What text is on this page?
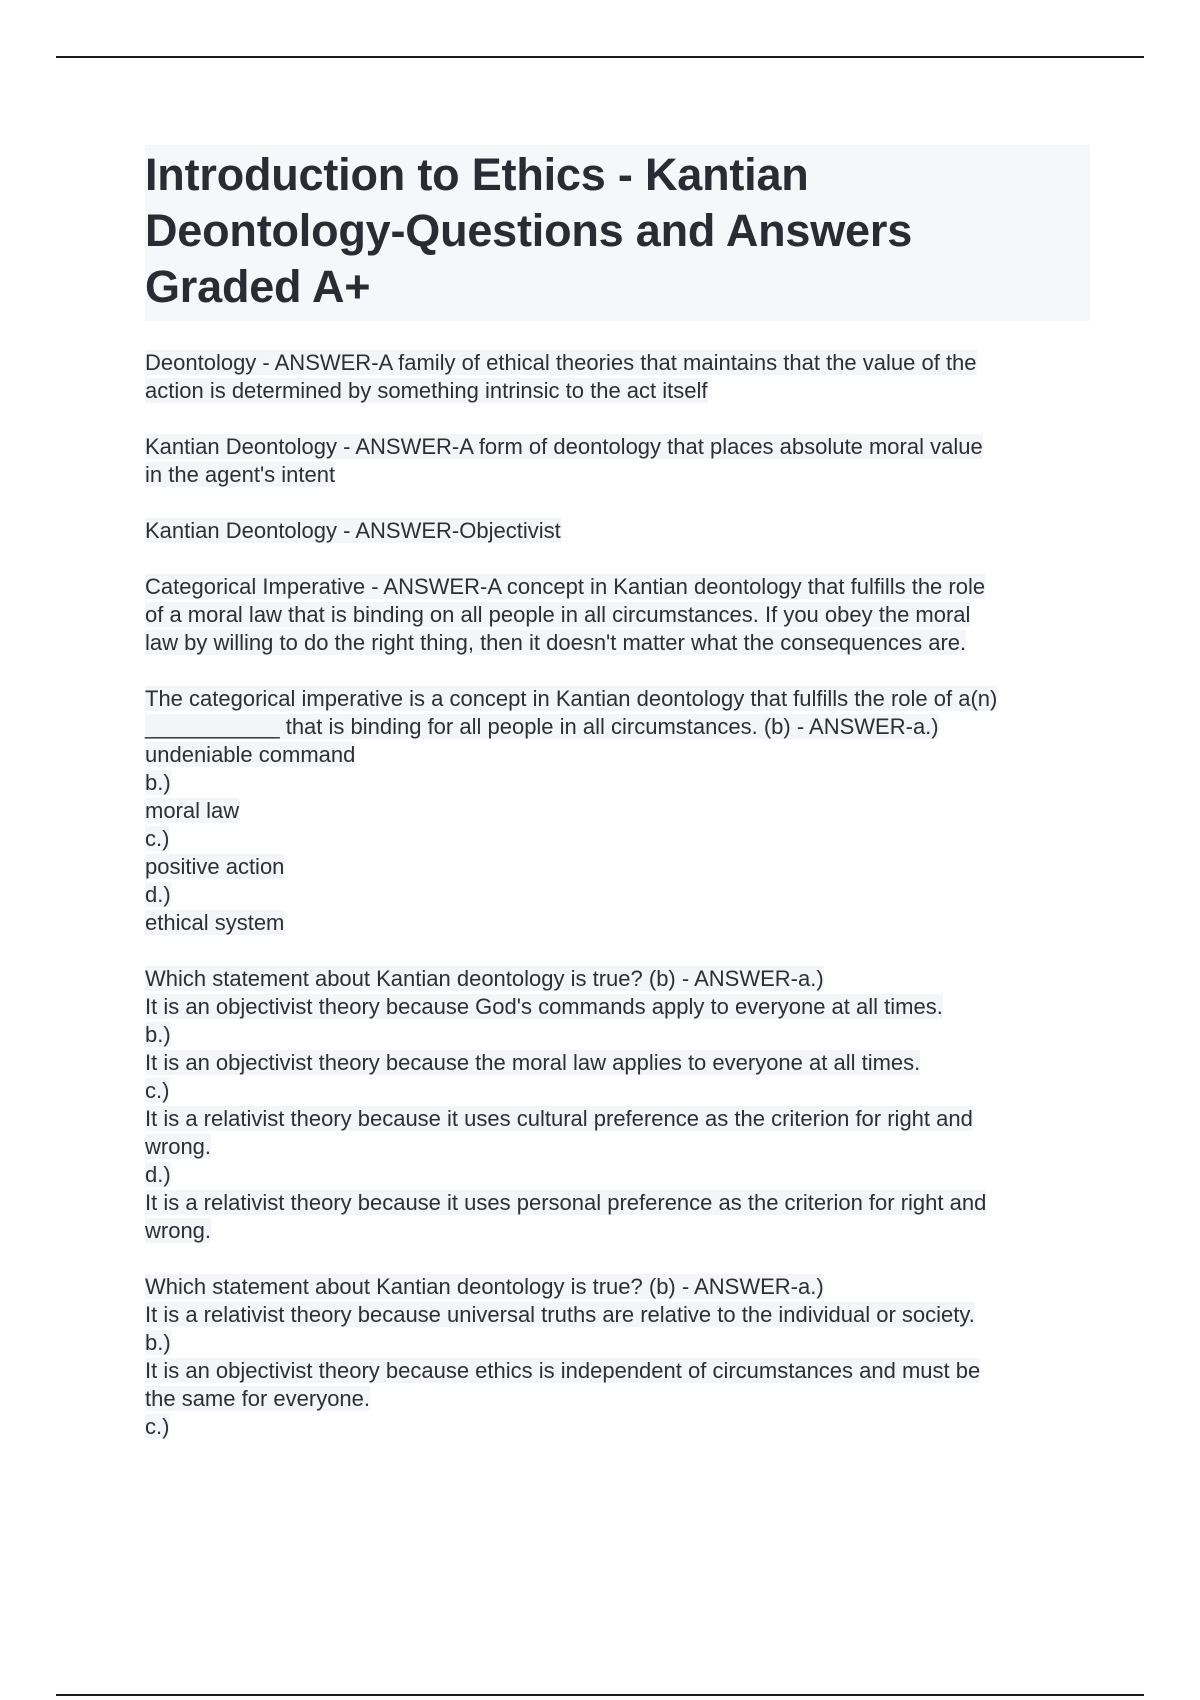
Introduction to Ethics - Kantian
Deontology-Questions and Answers
Graded A+
Deontology - ANSWER-A family of ethical theories that maintains that the value of the
action is determined by something intrinsic to the act itself
Kantian Deontology - ANSWER-A form of deontology that places absolute moral value
in the agent's intent
Kantian Deontology - ANSWER-Objectivist
Categorical Imperative - ANSWER-A concept in Kantian deontology that fulfills the role
of a moral law that is binding on all people in all circumstances. If you obey the moral
law by willing to do the right thing, then it doesn't matter what the consequences are.
The categorical imperative is a concept in Kantian deontology that fulfills the role of a(n)
___________ that is binding for all people in all circumstances. (b) - ANSWER-a.)
undeniable command
b.)
moral law
c.)
positive action
d.)
ethical system
Which statement about Kantian deontology is true? (b) - ANSWER-a.)
It is an objectivist theory because God's commands apply to everyone at all times.
b.)
It is an objectivist theory because the moral law applies to everyone at all times.
c.)
It is a relativist theory because it uses cultural preference as the criterion for right and
wrong.
d.)
It is a relativist theory because it uses personal preference as the criterion for right and
wrong.
Which statement about Kantian deontology is true? (b) - ANSWER-a.)
It is a relativist theory because universal truths are relative to the individual or society.
b.)
It is an objectivist theory because ethics is independent of circumstances and must be
the same for everyone.
c.)
